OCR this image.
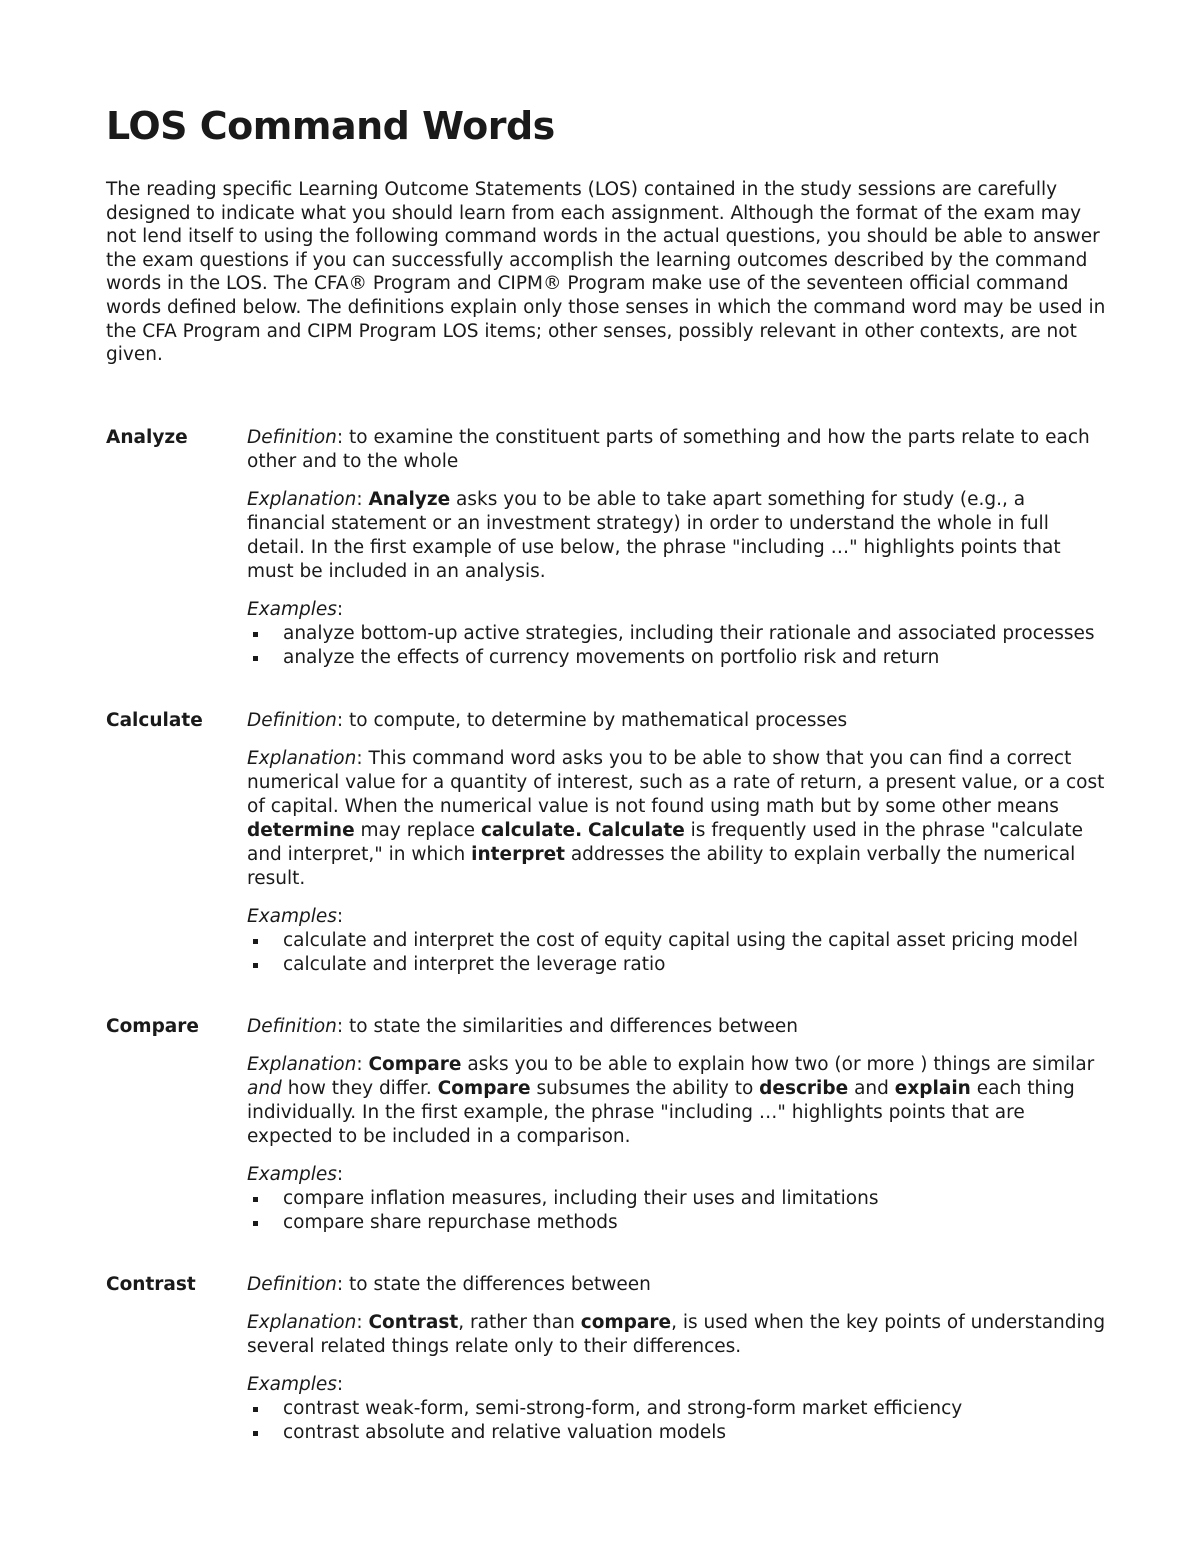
LOS Command Words

The reading specific Learning Outcome Statements (LOS) contained in the study sessions are carefully designed to indicate what you should learn from each assignment. Although the format of the exam may not lend itself to using the following command words in the actual questions, you should be able to answer the exam questions if you can successfully accomplish the learning outcomes described by the command words in the LOS. The CFA® Program and CIPM® Program make use of the seventeen official command words defined below. The definitions explain only those senses in which the command word may be used in the CFA Program and CIPM Program LOS items; other senses, possibly relevant in other contexts, are not given.

Analyze	Definition: to examine the constituent parts of something and how the parts relate to each other and to the whole

Explanation: Analyze asks you to be able to take apart something for study (e.g., a financial statement or an investment strategy) in order to understand the whole in full detail. In the first example of use below, the phrase "including …" highlights points that must be included in an analysis.

Examples:

analyze bottom-up active strategies, including their rationale and associated processes
analyze the effects of currency movements on portfolio risk and return
Calculate	Definition: to compute, to determine by mathematical processes

Explanation: This command word asks you to be able to show that you can find a correct numerical value for a quantity of interest, such as a rate of return, a present value, or a cost of capital. When the numerical value is not found using math but by some other means determine may replace calculate. Calculate is frequently used in the phrase "calculate and interpret," in which interpret addresses the ability to explain verbally the numerical result.

Examples:

calculate and interpret the cost of equity capital using the capital asset pricing model
calculate and interpret the leverage ratio
Compare	Definition: to state the similarities and differences between

Explanation: Compare asks you to be able to explain how two (or more ) things are similar and how they differ. Compare subsumes the ability to describe and explain each thing individually. In the first example, the phrase "including …" highlights points that are expected to be included in a comparison.

Examples:

compare inflation measures, including their uses and limitations
compare share repurchase methods
Contrast	Definition: to state the differences between

Explanation: Contrast, rather than compare, is used when the key points of understanding several related things relate only to their differences.

Examples:

contrast weak-form, semi-strong-form, and strong-form market efficiency
contrast absolute and relative valuation models
